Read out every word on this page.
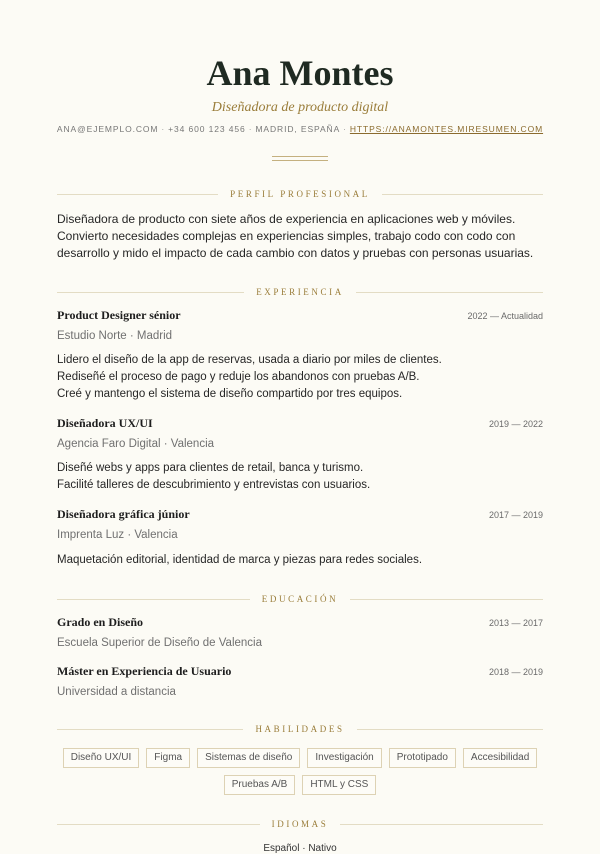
Ana Montes
Diseñadora de producto digital
ANA@EJEMPLO.COM · +34 600 123 456 · MADRID, ESPAÑA · HTTPS://ANAMONTES.MIRESUMEN.COM
PERFIL PROFESIONAL

Diseñadora de producto con siete años de experiencia en aplicaciones web y móviles. Convierto necesidades complejas en experiencias simples, trabajo codo con codo con desarrollo y mido el impacto de cada cambio con datos y pruebas con personas usuarias.

EXPERIENCIA
Product Designer sénior	2022 — Actualidad
Estudio Norte · Madrid
Lidero el diseño de la app de reservas, usada a diario por miles de clientes.
Rediseñé el proceso de pago y reduje los abandonos con pruebas A/B.
Creé y mantengo el sistema de diseño compartido por tres equipos.
Diseñadora UX/UI	2019 — 2022
Agencia Faro Digital · Valencia
Diseñé webs y apps para clientes de retail, banca y turismo.
Facilité talleres de descubrimiento y entrevistas con usuarios.
Diseñadora gráfica júnior	2017 — 2019
Imprenta Luz · Valencia
Maquetación editorial, identidad de marca y piezas para redes sociales.
EDUCACIÓN
Grado en Diseño	2013 — 2017
Escuela Superior de Diseño de Valencia
Máster en Experiencia de Usuario	2018 — 2019
Universidad a distancia
HABILIDADES
Diseño UX/UI	Figma	Sistemas de diseño	Investigación	Prototipado	Accesibilidad
Pruebas A/B	HTML y CSS
IDIOMAS
Español · Nativo
